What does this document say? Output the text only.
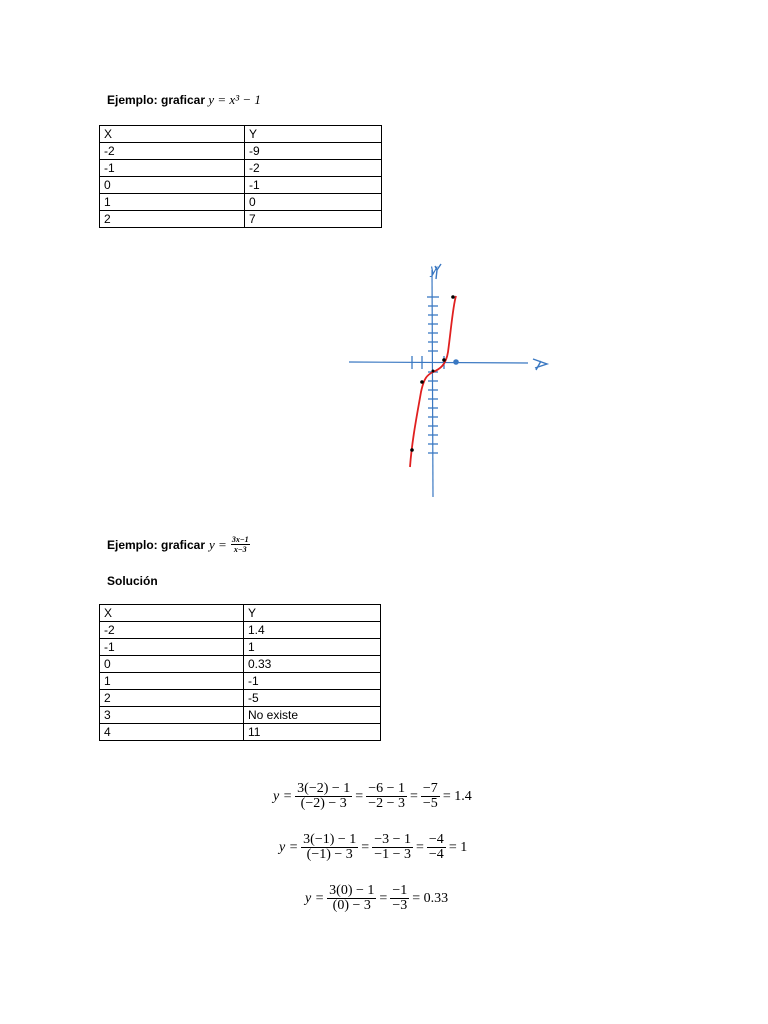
Ejemplo: graficar y = x³ − 1
X	Y
-2	-9
-1	-2
0	-1
1	0
2	7
y
x
Ejemplo: graficar $y = \frac{3x-1}{x-3}$
Solución
X	Y
-2	1.4
-1	1
0	0.33
1	-1
2	-5
3	No existe
4	11
$y = \frac{3(-2) - 1}{(-2) - 3} = \frac{-6 - 1}{-2 - 3} = \frac{-7}{-5} = 1.4$
$y = \frac{3(-1) - 1}{(-1) - 3} = \frac{-3 - 1}{-1 - 3} = \frac{-4}{-4} = 1$
$y = \frac{3(0) - 1}{(0) - 3} = \frac{-1}{-3} = 0.33$
